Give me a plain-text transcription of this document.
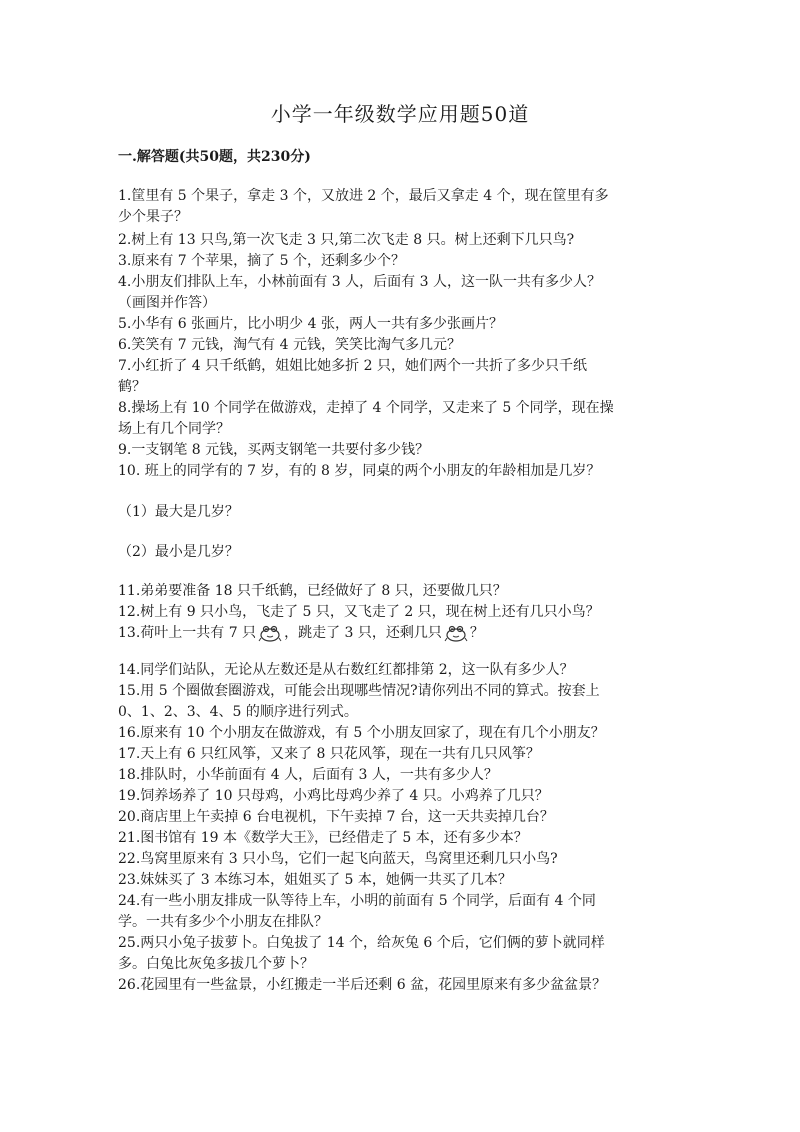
小学一年级数学应用题50道
一.解答题(共50题，共230分)
1.筐里有 5 个果子，拿走 3 个，又放进 2 个，最后又拿走 4 个，现在筐里有多
少个果子？
2.树上有 13 只鸟,第一次飞走 3 只,第二次飞走 8 只。树上还剩下几只鸟?
3.原来有 7 个苹果，摘了 5 个，还剩多少个？
4.小朋友们排队上车，小林前面有 3 人，后面有 3 人，这一队一共有多少人？
（画图并作答）
5.小华有 6 张画片，比小明少 4 张，两人一共有多少张画片？
6.笑笑有 7 元钱，淘气有 4 元钱，笑笑比淘气多几元？
7.小红折了 4 只千纸鹤，姐姐比她多折 2 只，她们两个一共折了多少只千纸
鹤？
8.操场上有 10 个同学在做游戏，走掉了 4 个同学，又走来了 5 个同学，现在操
场上有几个同学？
9.一支钢笔 8 元钱，买两支钢笔一共要付多少钱？
10. 班上的同学有的 7 岁，有的 8 岁，同桌的两个小朋友的年龄相加是几岁？
（1）最大是几岁？
（2）最小是几岁？
11.弟弟要准备 18 只千纸鹤，已经做好了 8 只，还要做几只？
12.树上有 9 只小鸟，飞走了 5 只，又飞走了 2 只，现在树上还有几只小鸟？
13.荷叶上一共有 7 只 ，跳走了 3 只，还剩几只 ？
14.同学们站队，无论从左数还是从右数红红都排第 2，这一队有多少人？
15.用 5 个圈做套圈游戏，可能会出现哪些情况?请你列出不同的算式。按套上
0、1、2、3、4、5 的顺序进行列式。
16.原来有 10 个小朋友在做游戏，有 5 个小朋友回家了，现在有几个小朋友？
17.天上有 6 只红风筝，又来了 8 只花风筝，现在一共有几只风筝？
18.排队时，小华前面有 4 人，后面有 3 人，一共有多少人？
19.饲养场养了 10 只母鸡，小鸡比母鸡少养了 4 只。小鸡养了几只？
20.商店里上午卖掉 6 台电视机，下午卖掉 7 台，这一天共卖掉几台？
21.图书馆有 19 本《数学大王》，已经借走了 5 本，还有多少本？
22.鸟窝里原来有 3 只小鸟，它们一起飞向蓝天，鸟窝里还剩几只小鸟?
23.妹妹买了 3 本练习本，姐姐买了 5 本，她俩一共买了几本？
24.有一些小朋友排成一队等待上车，小明的前面有 5 个同学，后面有 4 个同
学。一共有多少个小朋友在排队？
25.两只小兔子拔萝卜。白兔拔了 14 个，给灰兔 6 个后，它们俩的萝卜就同样
多。白兔比灰兔多拔几个萝卜？
26.花园里有一些盆景，小红搬走一半后还剩 6 盆，花园里原来有多少盆盆景？
